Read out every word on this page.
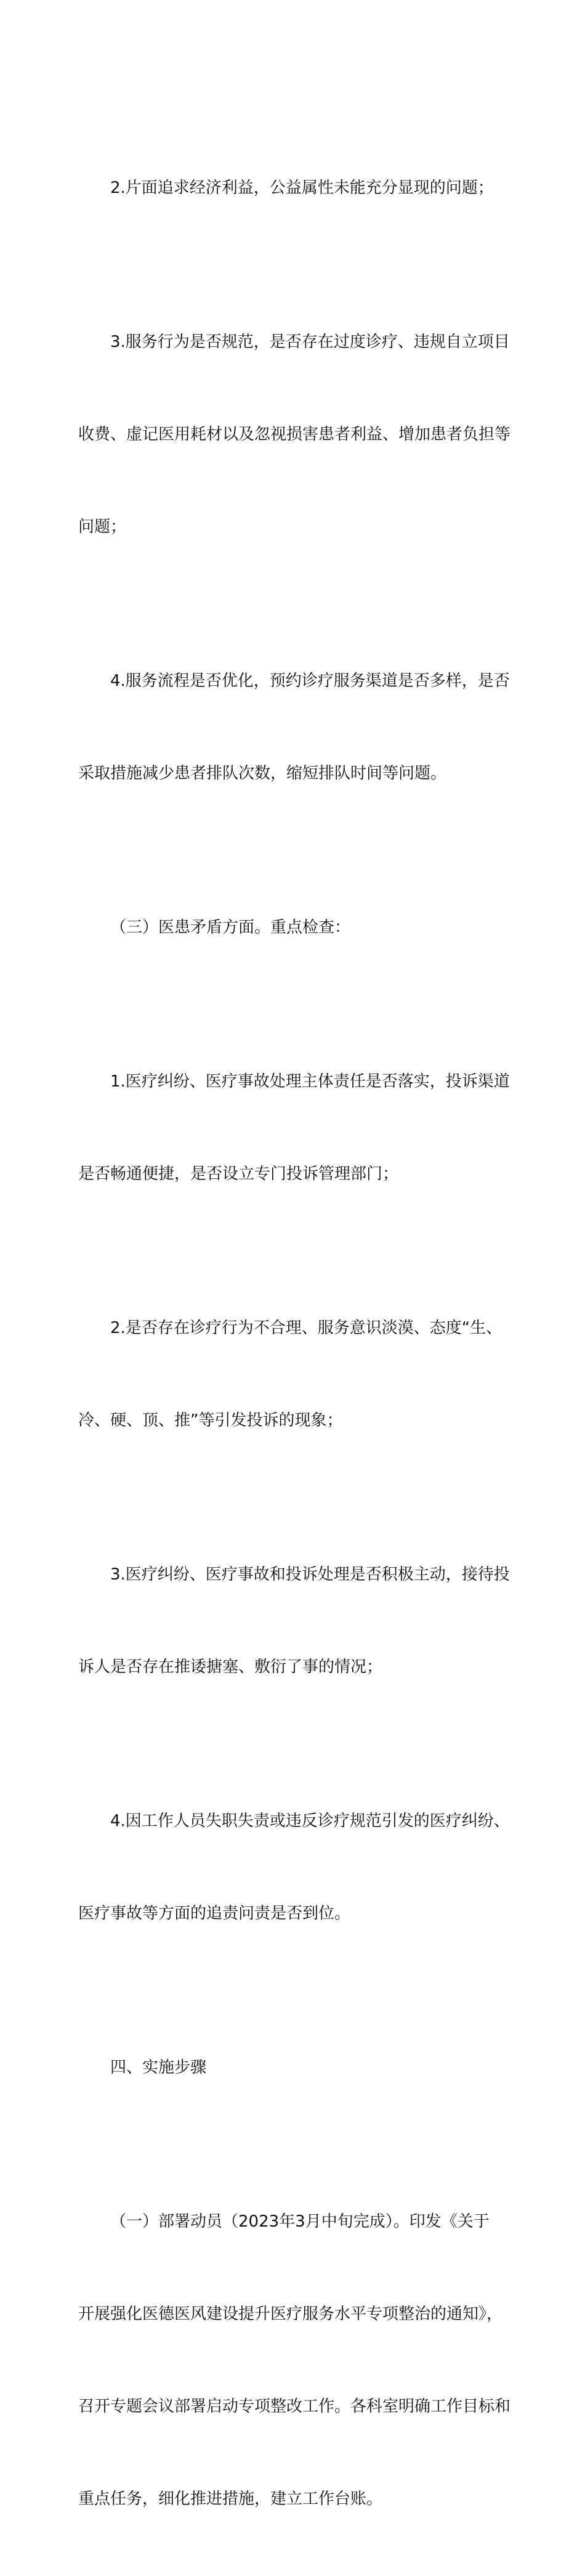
2.片面追求经济利益，公益属性未能充分显现的问题；

3.服务行为是否规范，是否存在过度诊疗、违规自立项目

收费、虚记医用耗材以及忽视损害患者利益、增加患者负担等

问题；

4.服务流程是否优化，预约诊疗服务渠道是否多样，是否

采取措施减少患者排队次数，缩短排队时间等问题。

（三）医患矛盾方面。重点检查：

1.医疗纠纷、医疗事故处理主体责任是否落实，投诉渠道

是否畅通便捷，是否设立专门投诉管理部门；

2.是否存在诊疗行为不合理、服务意识淡漠、态度“生、

冷、硬、顶、推”等引发投诉的现象；

3.医疗纠纷、医疗事故和投诉处理是否积极主动，接待投

诉人是否存在推诿搪塞、敷衍了事的情况；

4.因工作人员失职失责或违反诊疗规范引发的医疗纠纷、

医疗事故等方面的追责问责是否到位。

四、实施步骤

（一）部署动员（2023年3月中旬完成）。印发《关于

开展强化医德医风建设提升医疗服务水平专项整治的通知》，

召开专题会议部署启动专项整改工作。各科室明确工作目标和

重点任务，细化推进措施，建立工作台账。
